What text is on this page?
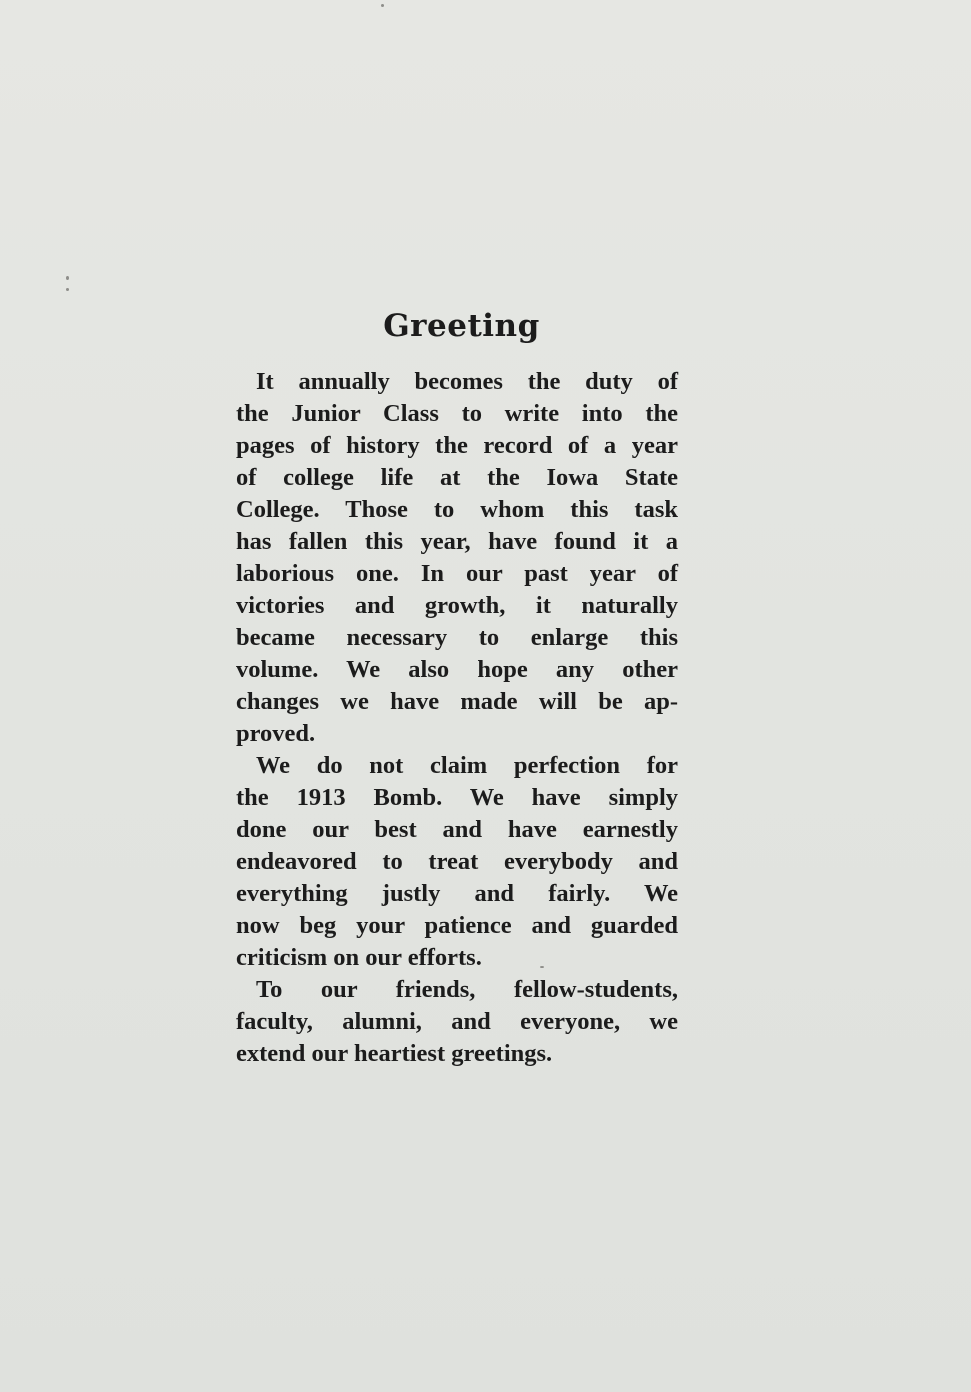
Greeting
It annually becomes the duty of
the Junior Class to write into the
pages of history the record of a year
of college life at the Iowa State
College. Those to whom this task
has fallen this year, have found it a
laborious one. In our past year of
victories and growth, it naturally
became necessary to enlarge this
volume. We also hope any other
changes we have made will be ap-
proved.
We do not claim perfection for
the 1913 Bomb. We have simply
done our best and have earnestly
endeavored to treat everybody and
everything justly and fairly. We
now beg your patience and guarded
criticism on our efforts.
To our friends, fellow-students,
faculty, alumni, and everyone, we
extend our heartiest greetings.
